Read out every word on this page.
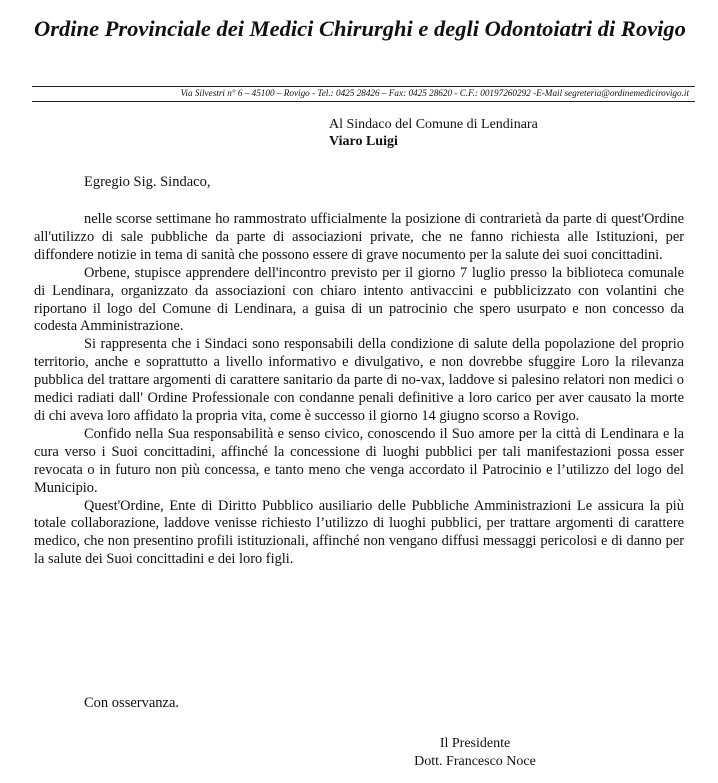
Ordine Provinciale dei Medici Chirurghi e degli Odontoiatri di Rovigo
Via Silvestri n° 6 – 45100 – Rovigo - Tel.: 0425 28426 – Fax: 0425 28620 - C.F.: 00197260292 -E-Mail segreteria@ordinemedicirovigo.it
Al Sindaco del Comune di Lendinara
Viaro Luigi
Egregio Sig. Sindaco,

nelle scorse settimane ho rammostrato ufficialmente la posizione di contrarietà da parte di quest'Ordine all'utilizzo di sale pubbliche da parte di associazioni private, che ne fanno richiesta alle Istituzioni, per diffondere notizie in tema di sanità che possono essere di grave nocumento per la salute dei suoi concittadini.

Orbene, stupisce apprendere dell'incontro previsto per il giorno 7 luglio presso la biblioteca comunale di Lendinara, organizzato da associazioni con chiaro intento antivaccini e pubblicizzato con volantini che riportano il logo del Comune di Lendinara, a guisa di un patrocinio che spero usurpato e non concesso da codesta Amministrazione.

Si rappresenta che i Sindaci sono responsabili della condizione di salute della popolazione del proprio territorio, anche e soprattutto a livello informativo e divulgativo, e non dovrebbe sfuggire Loro la rilevanza pubblica del trattare argomenti di carattere sanitario da parte di no-vax, laddove si palesino relatori non medici o medici radiati dall' Ordine Professionale con condanne penali definitive a loro carico per aver causato la morte di chi aveva loro affidato la propria vita, come è successo il giorno 14 giugno scorso a Rovigo.

Confido nella Sua responsabilità e senso civico, conoscendo il Suo amore per la città di Lendinara e la cura verso i Suoi concittadini, affinché la concessione di luoghi pubblici per tali manifestazioni possa esser revocata o in futuro non più concessa, e tanto meno che venga accordato il Patrocinio e l’utilizzo del logo del Municipio.

Quest'Ordine, Ente di Diritto Pubblico ausiliario delle Pubbliche Amministrazioni Le assicura la più totale collaborazione, laddove venisse richiesto l’utilizzo di luoghi pubblici, per trattare argomenti di carattere medico, che non presentino profili istituzionali, affinché non vengano diffusi messaggi pericolosi e di danno per la salute dei Suoi concittadini e dei loro figli.

Con osservanza.
Il Presidente
Dott. Francesco Noce
